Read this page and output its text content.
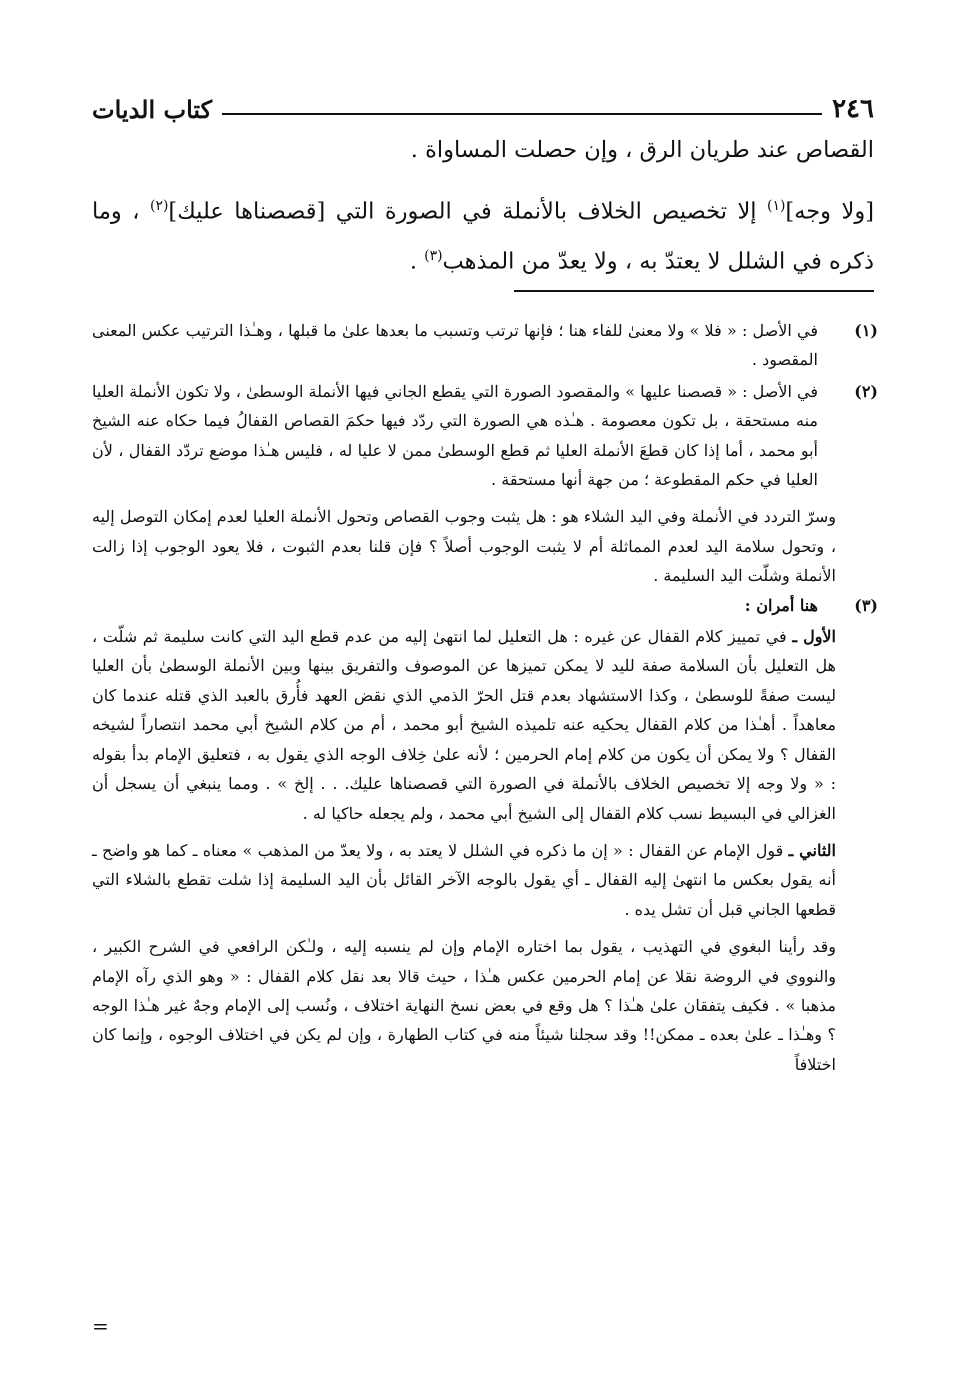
كتاب الديات	٢٤٦

القصاص عند طريان الرق ، وإن حصلت المساواة .

[ولا وجه]$^{(١)}$ إلا تخصيص الخلاف بالأنملة في الصورة التي [قصصناها عليك]$^{(٢)}$ ، وما ذكره في الشلل لا يعتدّ به ، ولا يعدّ من المذهب$^{(٣)}$ .

(١)

في الأصل : « فلا » ولا معنىٰ للفاء هنا ؛ فإنها ترتب وتسبب ما بعدها علىٰ ما قبلها ، وهـٰذا الترتيب عكس المعنى المقصود .

(٢)

في الأصل : « قصصنا عليها » والمقصود الصورة التي يقطع الجاني فيها الأنملة الوسطىٰ ، ولا تكون الأنملة العليا منه مستحقة ، بل تكون معصومة . هـٰذه هي الصورة التي ردّد فيها حكمَ القصاص القفالُ فيما حكاه عنه الشيخ أبو محمد ، أما إذا كان قطعَ الأنملة العليا ثم قطع الوسطىٰ ممن لا عليا له ، فليس هـٰذا موضع تردّد القفال ، لأن العليا في حكم المقطوعة ؛ من جهة أنها مستحقة .

وسرّ التردد في الأنملة وفي اليد الشلاء هو : هل يثبت وجوب القصاص وتحول الأنملة العليا لعدم إمكان التوصل إليه ، وتحول سلامة اليد لعدم المماثلة أم لا يثبت الوجوب أصلاً ؟ فإن قلنا بعدم الثبوت ، فلا يعود الوجوب إذا زالت الأنملة وشلّت اليد السليمة .

(٣)

هنا أمران :

الأول ـ في تمييز كلام القفال عن غيره : هل التعليل لما انتهىٰ إليه من عدم قطع اليد التي كانت سليمة ثم شلّت ، هل التعليل بأن السلامة صفة لليد لا يمكن تميزها عن الموصوف والتفريق بينها وبين الأنملة الوسطىٰ بأن العليا ليست صفةً للوسطىٰ ، وكذا الاستشهاد بعدم قتل الحرّ الذمي الذي نقض العهد فأُرق بالعبد الذي قتله عندما كان معاهداً . أهـٰذا من كلام القفال يحكيه عنه تلميذه الشيخ أبو محمد ، أم من كلام الشيخ أبي محمد انتصاراً لشيخه القفال ؟ ولا يمكن أن يكون من كلام إمام الحرمين ؛ لأنه علىٰ خِلاف الوجه الذي يقول به ، فتعليق الإمام بدأ بقوله : « ولا وجه إلا تخصيص الخلاف بالأنملة في الصورة التي قصصناها عليك. . . إلخ » . ومما ينبغي أن يسجل أن الغزالي في البسيط نسب كلام القفال إلى الشيخ أبي محمد ، ولم يجعله حاكيا له .

الثاني ـ قول الإمام عن القفال : « إن ما ذكره في الشلل لا يعتد به ، ولا يعدّ من المذهب » معناه ـ كما هو واضح ـ أنه يقول بعكس ما انتهىٰ إليه القفال ـ أي يقول بالوجه الآخر القائل بأن اليد السليمة إذا شلت تقطع بالشلاء التي قطعها الجاني قبل أن تشل يده .

وقد رأينا البغوي في التهذيب ، يقول بما اختاره الإمام وإن لم ينسبه إليه ، ولـٰكن الرافعي في الشرح الكبير ، والنووي في الروضة نقلا عن إمام الحرمين عكس هـٰذا ، حيث قالا بعد نقل كلام القفال : « وهو الذي رآه الإمام مذهبا » . فكيف يتفقان علىٰ هـٰذا ؟ هل وقع في بعض نسخ النهاية اختلاف ، ونُسب إلى الإمام وجهٌ غير هـٰذا الوجه ؟ وهـٰذا ـ علىٰ بعده ـ ممكن!! وقد سجلنا شيئاً منه في كتاب الطهارة ، وإن لم يكن في اختلاف الوجوه ، وإنما كان اختلافاً

=
